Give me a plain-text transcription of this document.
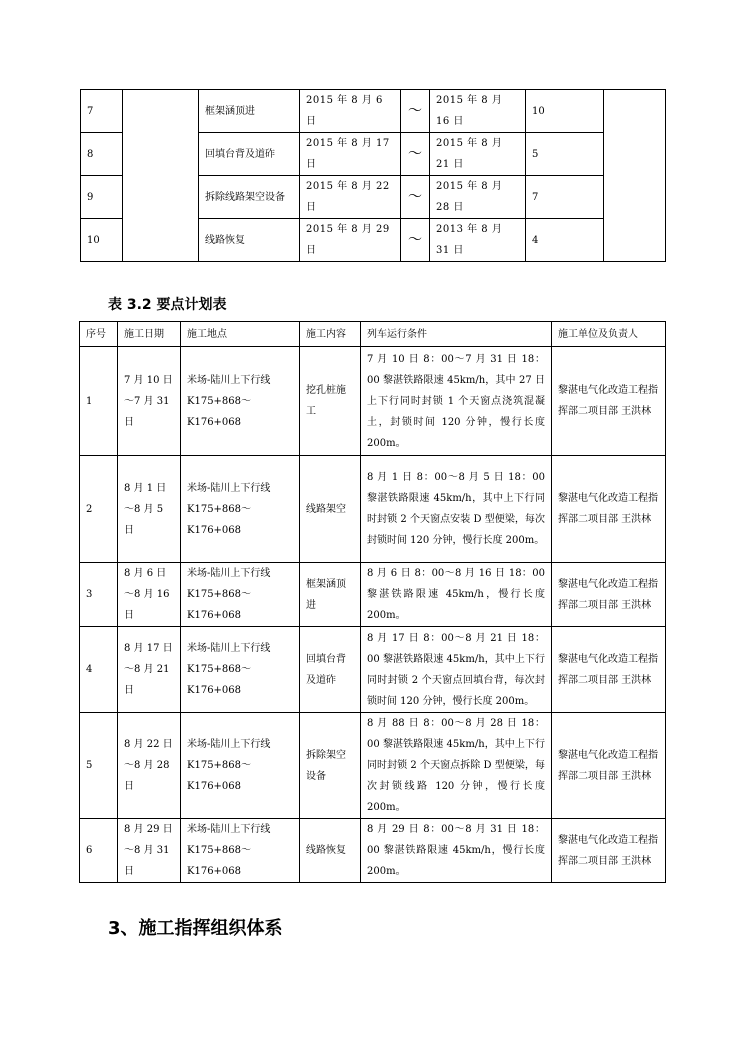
7		框架涵顶进	2015 年 8 月 6 日	～	2015 年 8 月 16 日	10	
8		回填台背及道砟	2015 年 8 月 17 日	～	2015 年 8 月 21 日	5	
9		拆除线路架空设备	2015 年 8 月 22 日	～	2015 年 8 月 28 日	7	
10		线路恢复	2015 年 8 月 29 日	～	2013 年 8 月 31 日	4	
表 3.2 要点计划表
序号	施工日期	施工地点	施工内容	列车运行条件	施工单位及负责人
1	7 月 10 日～7 月 31 日	米场-陆川上下行线 K175+868～K176+068	挖孔桩施工	7 月 10 日 8：00～7 月 31 日 18：00 黎湛铁路限速 45km/h，其中 27 日上下行同时封锁 1 个天窗点浇筑混凝土，封锁时间 120 分钟，慢行长度 200m。	黎湛电气化改造工程指挥部二项目部 王洪林
2	8 月 1 日～8 月 5 日	米场-陆川上下行线 K175+868～K176+068	线路架空	8 月 1 日 8：00～8 月 5 日 18：00 黎湛铁路限速 45km/h，其中上下行同时封锁 2 个天窗点安装 D 型便梁，每次封锁时间 120 分钟，慢行长度 200m。	黎湛电气化改造工程指挥部二项目部 王洪林
3	8 月 6 日～8 月 16 日	米场-陆川上下行线 K175+868～K176+068	框架涵顶进	8 月 6 日 8：00～8 月 16 日 18：00 黎湛铁路限速 45km/h，慢行长度 200m。	黎湛电气化改造工程指挥部二项目部 王洪林
4	8 月 17 日～8 月 21 日	米场-陆川上下行线 K175+868～K176+068	回填台背及道砟	8 月 17 日 8：00～8 月 21 日 18：00 黎湛铁路限速 45km/h，其中上下行同时封锁 2 个天窗点回填台背，每次封锁时间 120 分钟，慢行长度 200m。	黎湛电气化改造工程指挥部二项目部 王洪林
5	8 月 22 日～8 月 28 日	米场-陆川上下行线 K175+868～K176+068	拆除架空设备	8 月 88 日 8：00～8 月 28 日 18：00 黎湛铁路限速 45km/h，其中上下行同时封锁 2 个天窗点拆除 D 型便梁，每次封锁线路 120 分钟，慢行长度 200m。	黎湛电气化改造工程指挥部二项目部 王洪林
6	8 月 29 日～8 月 31 日	米场-陆川上下行线 K175+868～K176+068	线路恢复	8 月 29 日 8：00～8 月 31 日 18：00 黎湛铁路限速 45km/h，慢行长度 200m。	黎湛电气化改造工程指挥部二项目部 王洪林
3、施工指挥组织体系
